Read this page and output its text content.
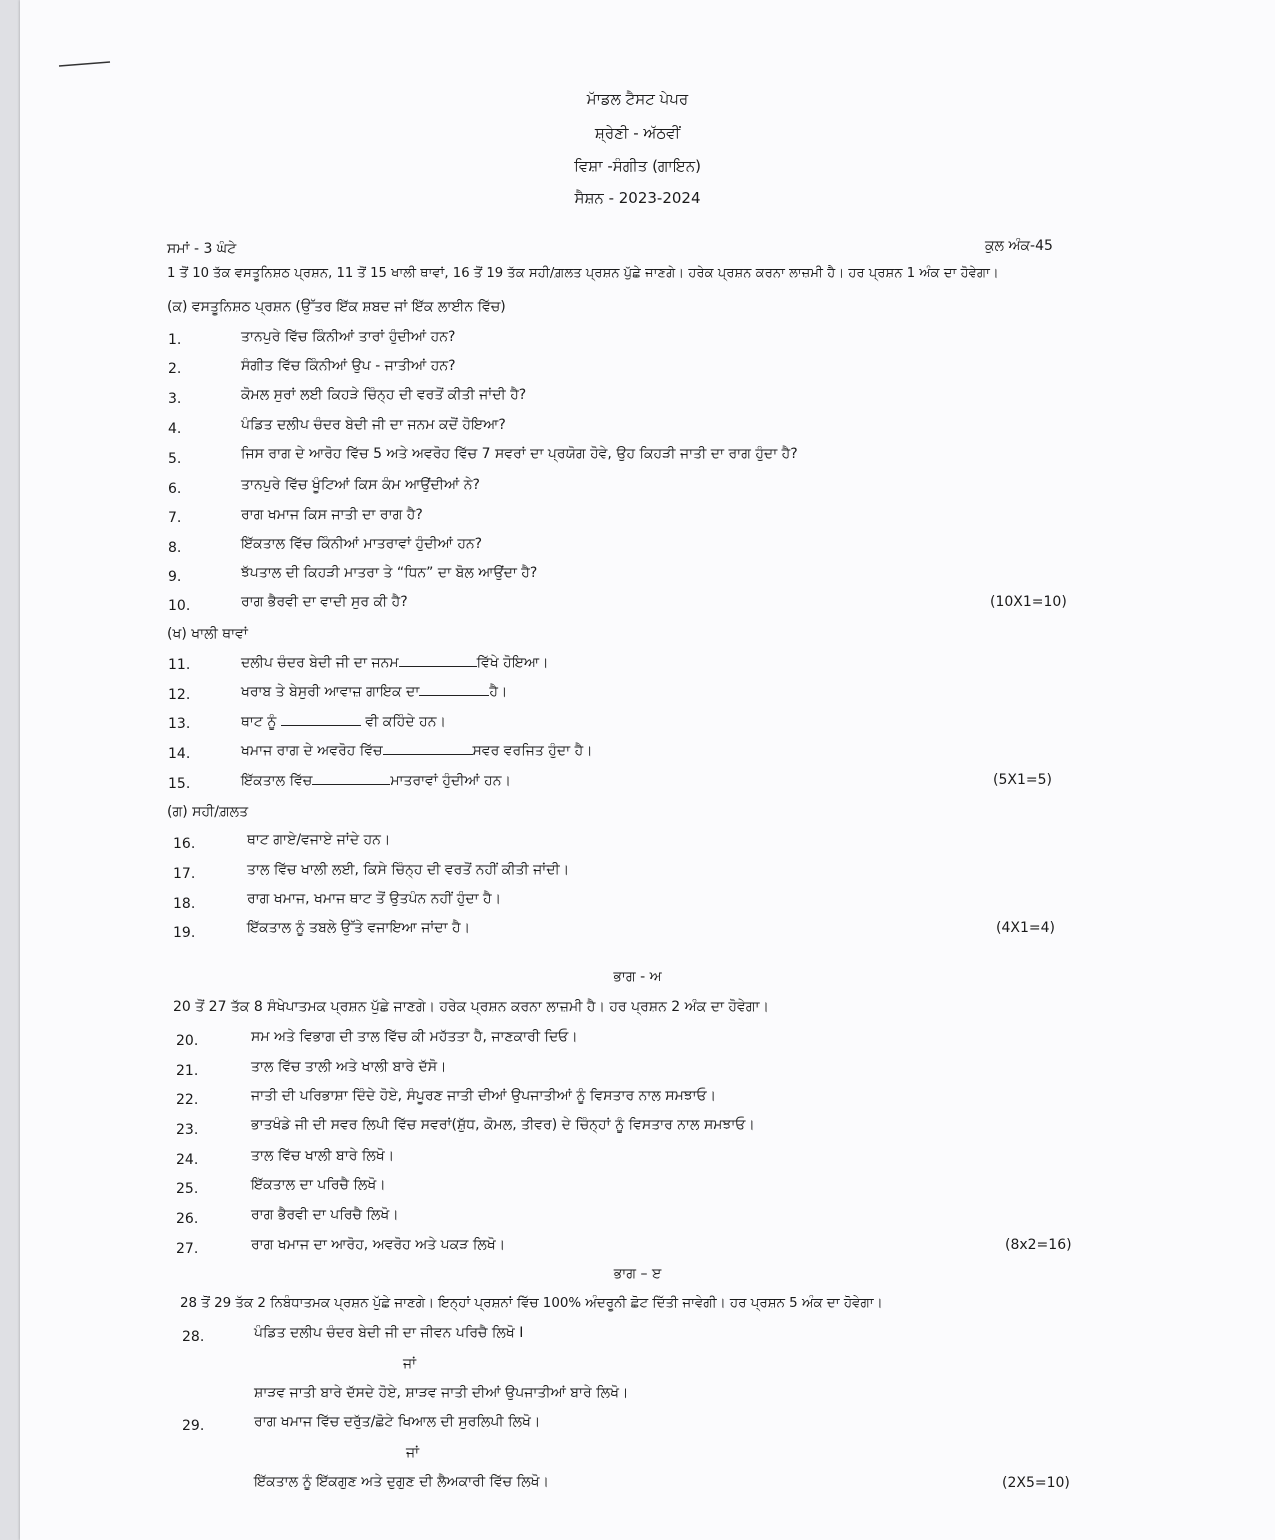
ਮਾੱਡਲ ਟੈਸਟ ਪੇਪਰ
ਸ਼੍ਰੇਣੀ - ਅੱਠਵੀਂ
ਵਿਸ਼ਾ -ਸੰਗੀਤ (ਗਾਇਨ)
ਸੈਸ਼ਨ - 2023-2024
ਸਮਾਂ - 3 ਘੰਟੇ	ਕੁਲ ਅੰਕ-45
1 ਤੋਂ 10 ਤੱਕ ਵਸਤੂਨਿਸ਼ਠ ਪ੍ਰਸ਼ਨ, 11 ਤੋਂ 15 ਖਾਲੀ ਥਾਵਾਂ, 16 ਤੋਂ 19 ਤੱਕ ਸਹੀ/ਗ਼ਲਤ ਪ੍ਰਸ਼ਨ ਪੁੱਛੇ ਜਾਣਗੇ। ਹਰੇਕ ਪ੍ਰਸ਼ਨ ਕਰਨਾ ਲਾਜ਼ਮੀ ਹੈ। ਹਰ ਪ੍ਰਸ਼ਨ 1 ਅੰਕ ਦਾ ਹੋਵੇਗਾ।
(ਕ) ਵਸਤੂਨਿਸ਼ਠ ਪ੍ਰਸ਼ਨ (ਉੱਤਰ ਇੱਕ ਸ਼ਬਦ ਜਾਂ ਇੱਕ ਲਾਈਨ ਵਿੱਚ)
1.	ਤਾਨਪੁਰੇ ਵਿੱਚ ਕਿੰਨੀਆਂ ਤਾਰਾਂ ਹੁੰਦੀਆਂ ਹਨ?
2.	ਸੰਗੀਤ ਵਿੱਚ ਕਿੰਨੀਆਂ ਉਪ - ਜਾਤੀਆਂ ਹਨ?
3.	ਕੋਮਲ ਸੁਰਾਂ ਲਈ ਕਿਹੜੇ ਚਿੰਨ੍ਹ ਦੀ ਵਰਤੋਂ ਕੀਤੀ ਜਾਂਦੀ ਹੈ?
4.	ਪੰਡਿਤ ਦਲੀਪ ਚੰਦਰ ਬੇਦੀ ਜੀ ਦਾ ਜਨਮ ਕਦੋਂ ਹੋਇਆ?
5.	ਜਿਸ ਰਾਗ ਦੇ ਆਰੋਹ ਵਿੱਚ 5 ਅਤੇ ਅਵਰੋਹ ਵਿੱਚ 7 ਸਵਰਾਂ ਦਾ ਪ੍ਰਯੋਗ ਹੋਵੇ, ਉਹ ਕਿਹੜੀ ਜਾਤੀ ਦਾ ਰਾਗ ਹੁੰਦਾ ਹੈ?
6.	ਤਾਨਪੁਰੇ ਵਿੱਚ ਖੂੰਟਿਆਂ ਕਿਸ ਕੰਮ ਆਉਂਦੀਆਂ ਨੇ?
7.	ਰਾਗ ਖਮਾਜ ਕਿਸ ਜਾਤੀ ਦਾ ਰਾਗ ਹੈ?
8.	ਇੱਕਤਾਲ ਵਿੱਚ ਕਿੰਨੀਆਂ ਮਾਤਰਾਵਾਂ ਹੁੰਦੀਆਂ ਹਨ?
9.	ਝੱਪਤਾਲ ਦੀ ਕਿਹੜੀ ਮਾਤਰਾ ਤੇ “ਧਿਨ” ਦਾ ਬੋਲ ਆਉਂਦਾ ਹੈ?
10.	ਰਾਗ ਭੈਰਵੀ ਦਾ ਵਾਦੀ ਸੁਰ ਕੀ ਹੈ?	(10X1=10)
(ਖ) ਖਾਲੀ ਥਾਵਾਂ
11.	ਦਲੀਪ ਚੰਦਰ ਬੇਦੀ ਜੀ ਦਾ ਜਨਮ	ਵਿੱਖੇ ਹੋਇਆ।
12.	ਖਰਾਬ ਤੇ ਬੇਸੁਰੀ ਆਵਾਜ਼ ਗਾਇਕ ਦਾ	ਹੈ।
13.	ਥਾਟ ਨੂੰ	ਵੀ ਕਹਿੰਦੇ ਹਨ।
14.	ਖਮਾਜ ਰਾਗ ਦੇ ਅਵਰੋਹ ਵਿੱਚ	ਸਵਰ ਵਰਜਿਤ ਹੁੰਦਾ ਹੈ।
15.	ਇੱਕਤਾਲ ਵਿੱਚ	ਮਾਤਰਾਵਾਂ ਹੁੰਦੀਆਂ ਹਨ।	(5X1=5)
(ਗ) ਸਹੀ/ਗ਼ਲਤ
16.	ਥਾਟ ਗਾਏ/ਵਜਾਏ ਜਾਂਦੇ ਹਨ।
17.	ਤਾਲ ਵਿੱਚ ਖਾਲੀ ਲਈ, ਕਿਸੇ ਚਿੰਨ੍ਹ ਦੀ ਵਰਤੋਂ ਨਹੀਂ ਕੀਤੀ ਜਾਂਦੀ।
18.	ਰਾਗ ਖਮਾਜ, ਖਮਾਜ ਥਾਟ ਤੋਂ ਉਤਪੰਨ ਨਹੀਂ ਹੁੰਦਾ ਹੈ।
19.	ਇੱਕਤਾਲ ਨੂੰ ਤਬਲੇ ਉੱਤੇ ਵਜਾਇਆ ਜਾਂਦਾ ਹੈ।	(4X1=4)
ਭਾਗ - ਅ
20 ਤੋਂ 27 ਤੱਕ 8 ਸੰਖੇਪਾਤਮਕ ਪ੍ਰਸ਼ਨ ਪੁੱਛੇ ਜਾਣਗੇ। ਹਰੇਕ ਪ੍ਰਸ਼ਨ ਕਰਨਾ ਲਾਜ਼ਮੀ ਹੈ। ਹਰ ਪ੍ਰਸ਼ਨ 2 ਅੰਕ ਦਾ ਹੋਵੇਗਾ।
20.	ਸਮ ਅਤੇ ਵਿਭਾਗ ਦੀ ਤਾਲ ਵਿੱਚ ਕੀ ਮਹੱਤਤਾ ਹੈ, ਜਾਣਕਾਰੀ ਦਿਓ।
21.	ਤਾਲ ਵਿੱਚ ਤਾਲੀ ਅਤੇ ਖਾਲੀ ਬਾਰੇ ਦੱਸੋ।
22.	ਜਾਤੀ ਦੀ ਪਰਿਭਾਸ਼ਾ ਦਿੰਦੇ ਹੋਏ, ਸੰਪੂਰਣ ਜਾਤੀ ਦੀਆਂ ਉਪਜਾਤੀਆਂ ਨੂੰ ਵਿਸਤਾਰ ਨਾਲ ਸਮਝਾਓ।
23.	ਭਾਤਖੰਡੇ ਜੀ ਦੀ ਸਵਰ ਲਿਪੀ ਵਿੱਚ ਸਵਰਾਂ(ਸ਼ੁੱਧ, ਕੋਮਲ, ਤੀਵਰ) ਦੇ ਚਿੰਨ੍ਹਾਂ ਨੂੰ ਵਿਸਤਾਰ ਨਾਲ ਸਮਝਾਓ।
24.	ਤਾਲ ਵਿੱਚ ਖਾਲੀ ਬਾਰੇ ਲਿਖੋ।
25.	ਇੱਕਤਾਲ ਦਾ ਪਰਿਚੈ ਲਿਖੋ।
26.	ਰਾਗ ਭੈਰਵੀ ਦਾ ਪਰਿਚੈ ਲਿਖੋ।
27.	ਰਾਗ ਖਮਾਜ ਦਾ ਆਰੋਹ, ਅਵਰੋਹ ਅਤੇ ਪਕੜ ਲਿਖੋ।	(8x2=16)
ਭਾਗ – ੲ
28 ਤੋਂ 29 ਤੱਕ 2 ਨਿਬੰਧਾਤਮਕ ਪ੍ਰਸ਼ਨ ਪੁੱਛੇ ਜਾਣਗੇ। ਇਨ੍ਹਾਂ ਪ੍ਰਸ਼ਨਾਂ ਵਿੱਚ 100% ਅੰਦਰੂਨੀ ਛੋਟ ਦਿੱਤੀ ਜਾਵੇਗੀ। ਹਰ ਪ੍ਰਸ਼ਨ 5 ਅੰਕ ਦਾ ਹੋਵੇਗਾ।
28.	ਪੰਡਿਤ ਦਲੀਪ ਚੰਦਰ ਬੇਦੀ ਜੀ ਦਾ ਜੀਵਨ ਪਰਿਚੈ ਲਿਖੋ I
ਜਾਂ
ਸ਼ਾੜਵ ਜਾਤੀ ਬਾਰੇ ਦੱਸਦੇ ਹੋਏ, ਸ਼ਾੜਵ ਜਾਤੀ ਦੀਆਂ ਉਪਜਾਤੀਆਂ ਬਾਰੇ ਲਿਖੋ।
29.	ਰਾਗ ਖਮਾਜ ਵਿੱਚ ਦਰੁੱਤ/ਛੋਟੇ ਖਿਆਲ ਦੀ ਸੁਰਲਿਪੀ ਲਿਖੋ।
ਜਾਂ
ਇੱਕਤਾਲ ਨੂੰ ਇੱਕਗੁਣ ਅਤੇ ਦੁਗੁਣ ਦੀ ਲੈਅਕਾਰੀ ਵਿੱਚ ਲਿਖੋ।	(2X5=10)
